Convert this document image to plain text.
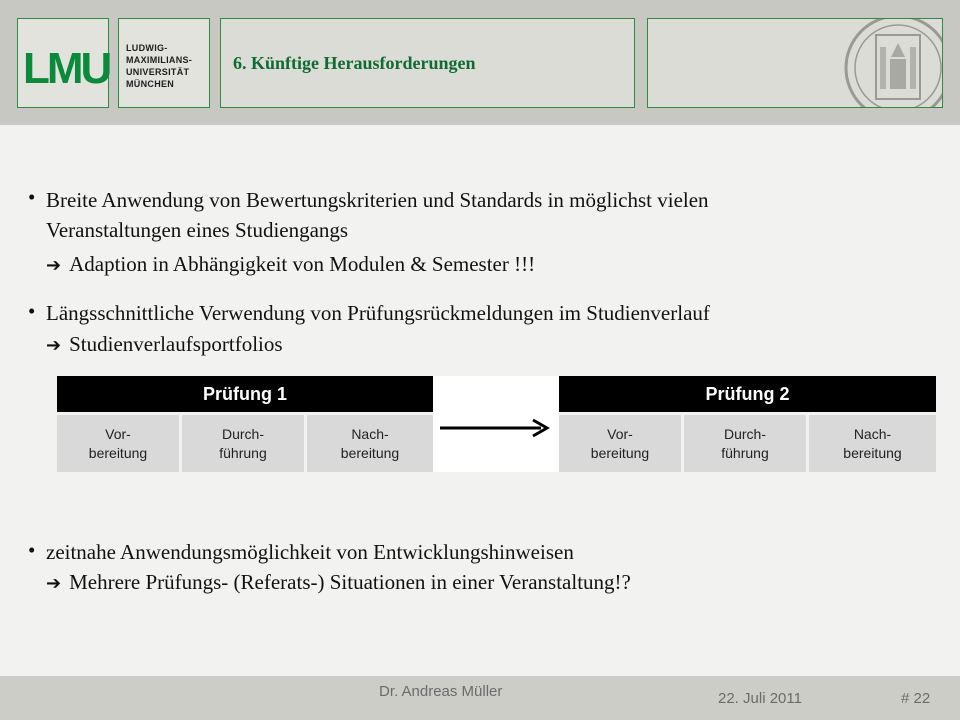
LMU LUDWIG-
MAXIMILIANS-
UNIVERSITÄT
MÜNCHEN
6. Künftige Herausforderungen
• Breite Anwendung von Bewertungskriterien und Standards in möglichst vielen
Veranstaltungen eines Studiengangs
➔ Adaption in Abhängigkeit von Modulen & Semester !!!
• Längsschnittliche Verwendung von Prüfungsrückmeldungen im Studienverlauf
➔ Studienverlaufsportfolios
• zeitnahe Anwendungsmöglichkeit von Entwicklungshinweisen
➔ Mehrere Prüfungs- (Referats-) Situationen in einer Veranstaltung!?
Prüfung 1
Vor-
bereitung
Durch-
führung
Nach-
bereitung
Prüfung 2
Vor-
bereitung
Durch-
führung
Nach-
bereitung
Dr. Andreas Müller	22. Juli 2011	# 22
